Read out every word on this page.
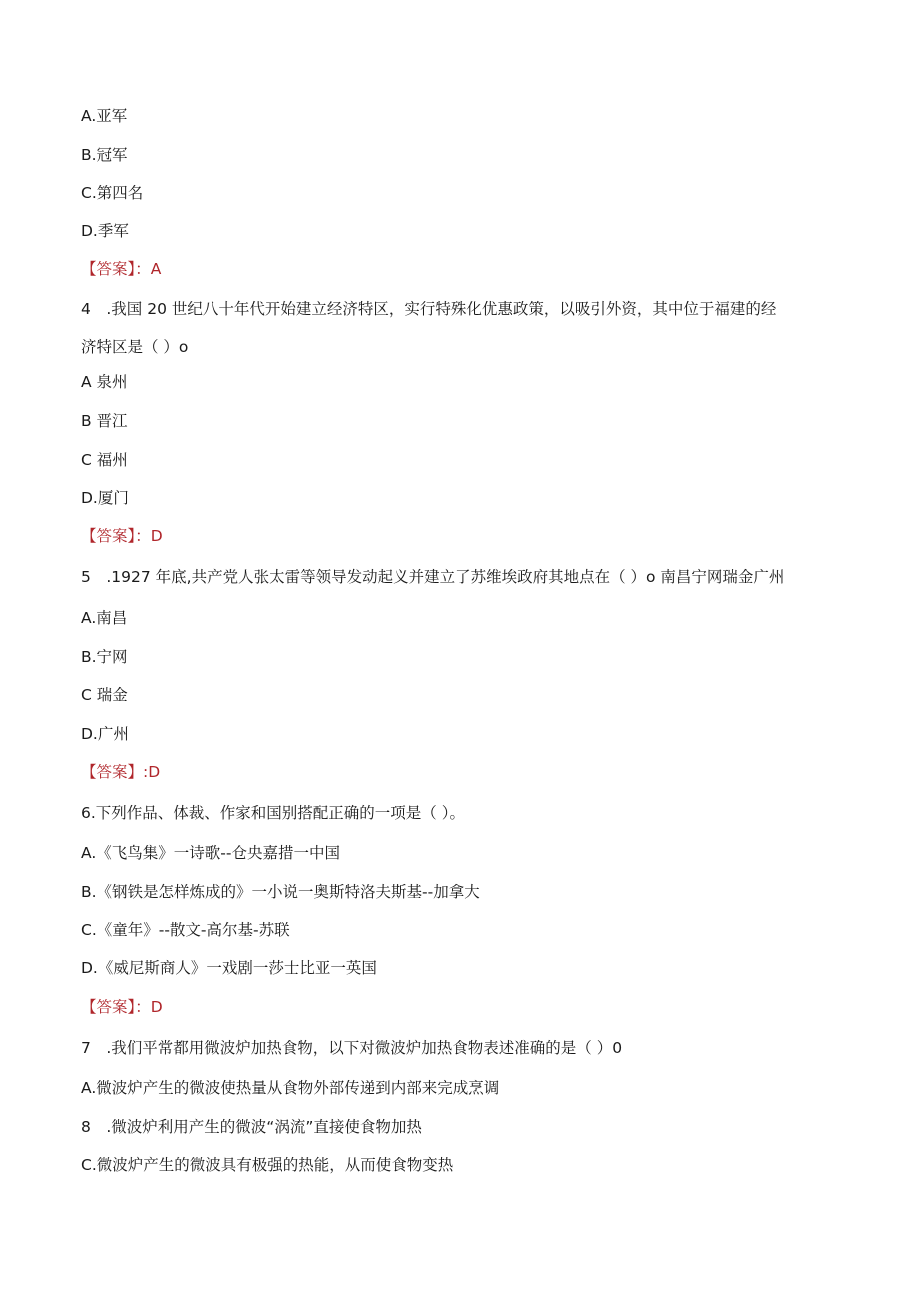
A.亚军
B.冠军
C.第四名
D.季军
【答案】：A
4 .我国 20 世纪八十年代开始建立经济特区，实行特殊化优惠政策，以吸引外资，其中位于福建的经
济特区是（ ）o
A 泉州
B 晋江
C 福州
D.厦门
【答案】：D
5 .1927 年底,共产党人张太雷等领导发动起义并建立了苏维埃政府其地点在（ ）o 南昌宁网瑞金广州
A.南昌
B.宁网
C 瑞金
D.广州
【答案】:D
6.下列作品、体裁、作家和国别搭配正确的一项是（ ）。
A.《飞鸟集》一诗歌--仓央嘉措一中国
B.《钢铁是怎样炼成的》一小说一奥斯特洛夫斯基--加拿大
C.《童年》--散文-高尔基-苏联
D.《威尼斯商人》一戏剧一莎士比亚一英国
【答案】：D
7 .我们平常都用微波炉加热食物，以下对微波炉加热食物表述准确的是（ ）0
A.微波炉产生的微波使热量从食物外部传递到内部来完成烹调
8 .微波炉利用产生的微波“涡流”直接使食物加热
C.微波炉产生的微波具有极强的热能，从而使食物变热
